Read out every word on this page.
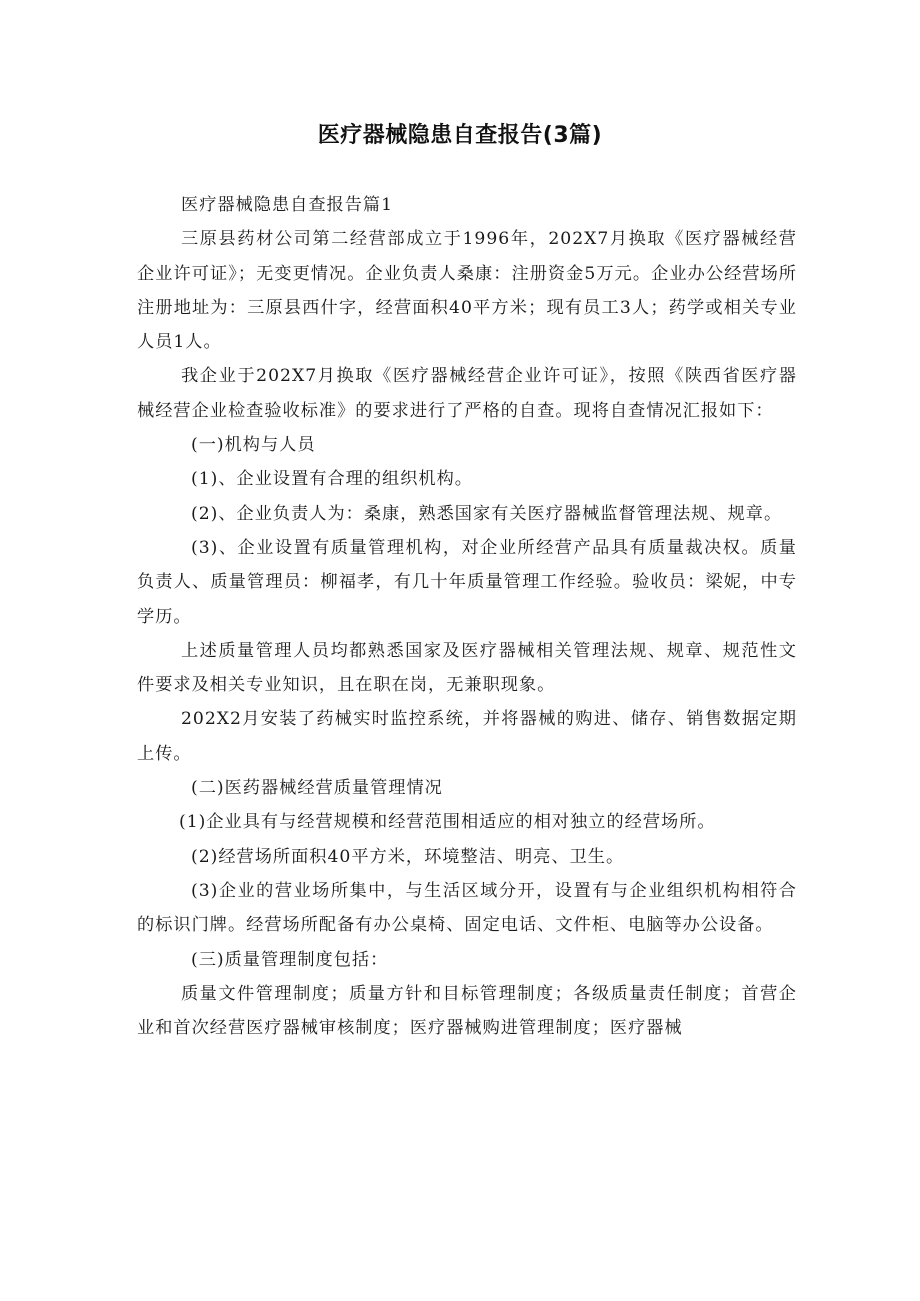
医疗器械隐患自查报告(3篇)

医疗器械隐患自查报告篇1

三原县药材公司第二经营部成立于1996年，202X7月换取《医疗器械经营企业许可证》；无变更情况。企业负责人桑康：注册资金5万元。企业办公经营场所注册地址为：三原县西什字，经营面积40平方米；现有员工3人；药学或相关专业人员1人。

我企业于202X7月换取《医疗器械经营企业许可证》，按照《陕西省医疗器械经营企业检查验收标准》的要求进行了严格的自查。现将自查情况汇报如下：

(一)机构与人员

(1)、企业设置有合理的组织机构。

(2)、企业负责人为：桑康，熟悉国家有关医疗器械监督管理法规、规章。

(3)、企业设置有质量管理机构，对企业所经营产品具有质量裁决权。质量负责人、质量管理员：柳福孝，有几十年质量管理工作经验。验收员：梁妮，中专学历。

上述质量管理人员均都熟悉国家及医疗器械相关管理法规、规章、规范性文件要求及相关专业知识，且在职在岗，无兼职现象。

202X2月安装了药械实时监控系统，并将器械的购进、储存、销售数据定期上传。

(二)医药器械经营质量管理情况

(1)企业具有与经营规模和经营范围相适应的相对独立的经营场所。

(2)经营场所面积40平方米，环境整洁、明亮、卫生。

(3)企业的营业场所集中，与生活区域分开，设置有与企业组织机构相符合的标识门牌。经营场所配备有办公桌椅、固定电话、文件柜、电脑等办公设备。

(三)质量管理制度包括：

质量文件管理制度；质量方针和目标管理制度；各级质量责任制度；首营企业和首次经营医疗器械审核制度；医疗器械购进管理制度；医疗器械
